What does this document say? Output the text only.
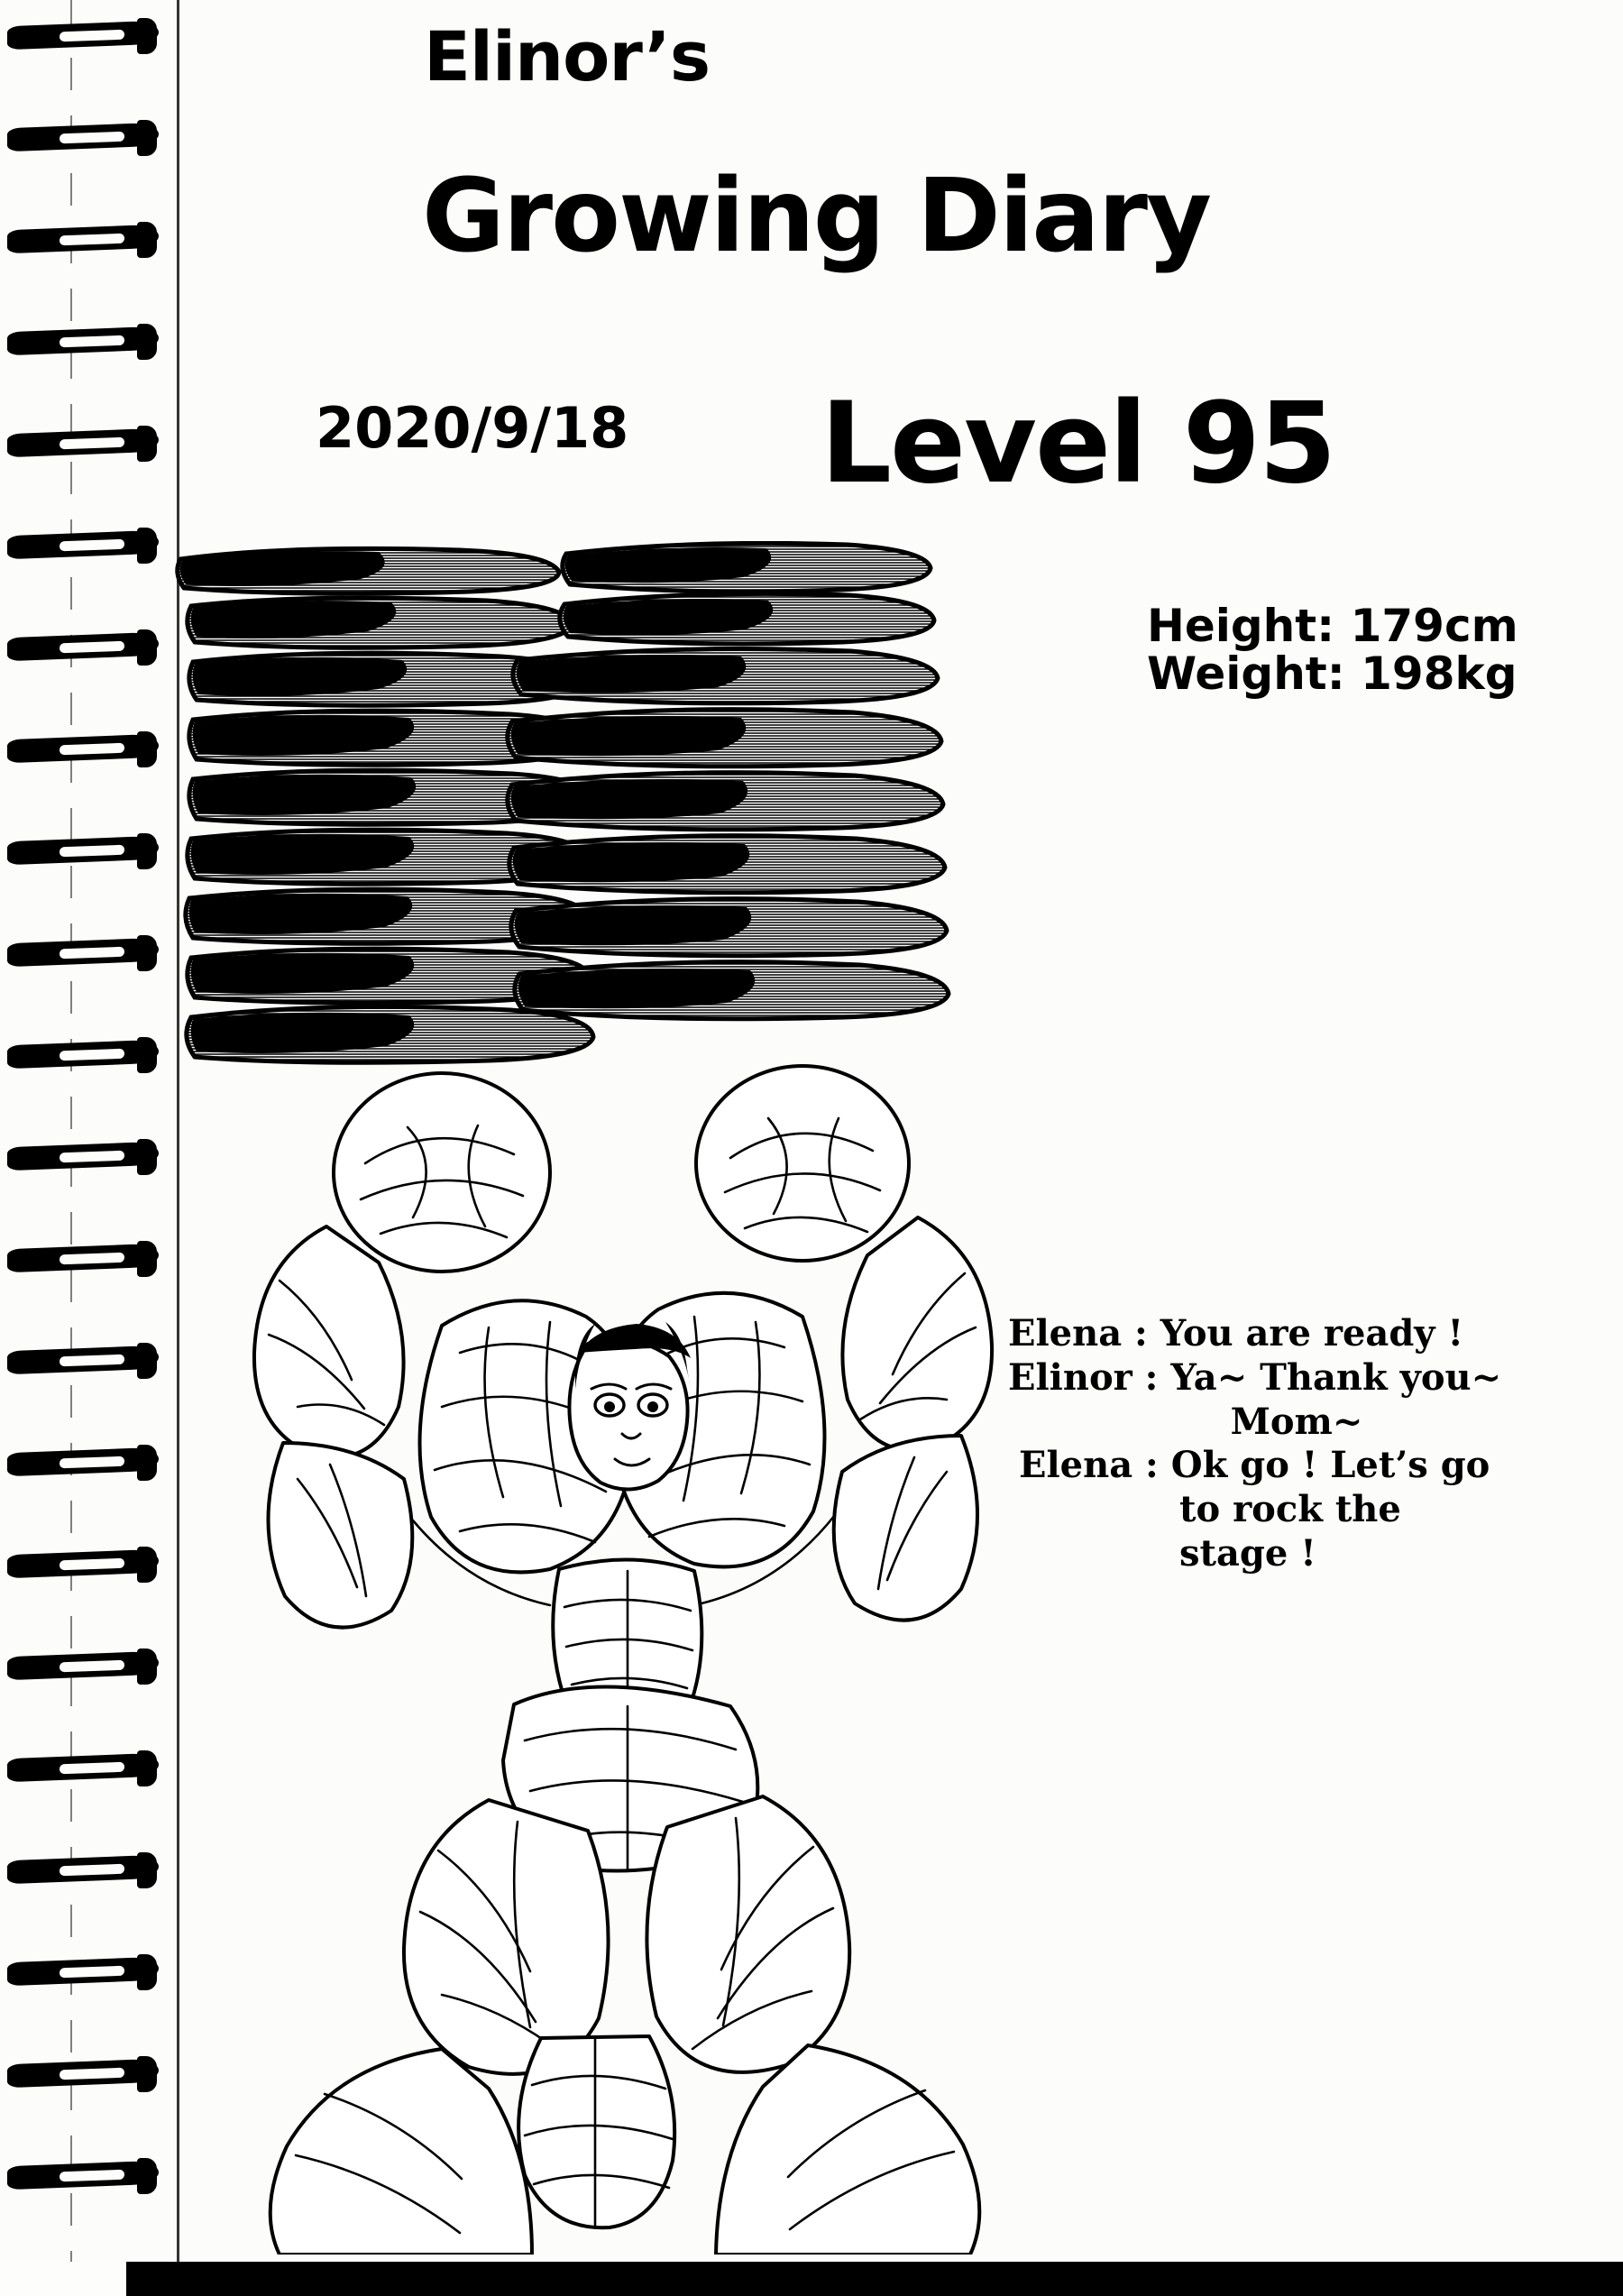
Elinor’s
Growing Diary
2020/9/18 Level 95
Height: 179cm
Weight: 198kg
Elena : You are ready !
Elinor : Ya~ Thank you~
Mom~
Elena : Ok go ! Let’s go
to rock the
stage !
